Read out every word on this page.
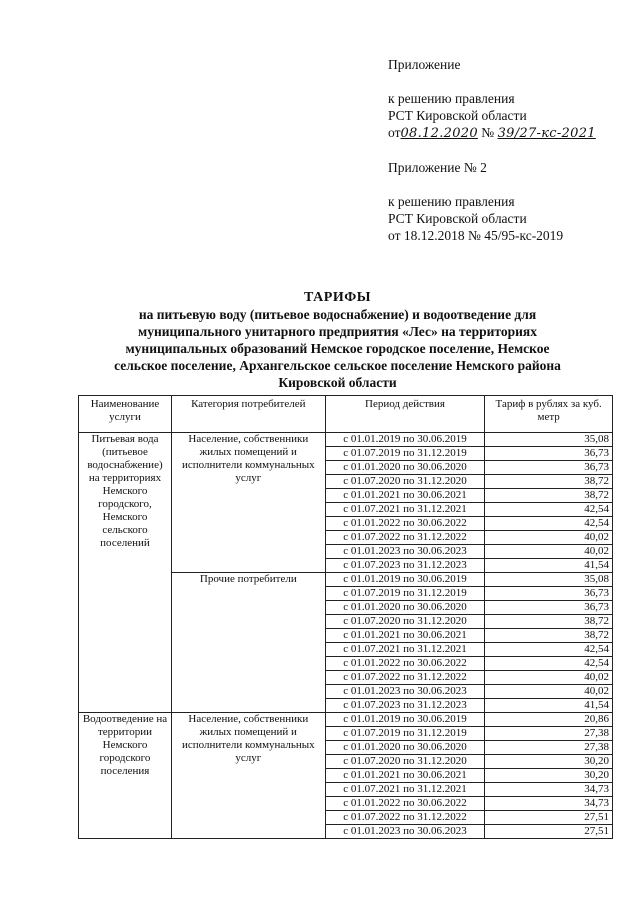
Приложение
к решению правления
РСТ Кировской области
от08.12.2020 № 39/27-кс-2021
Приложение № 2
к решению правления
РСТ Кировской области
от 18.12.2018 № 45/95-кс-2019
ТАРИФЫ
на питьевую воду (питьевое водоснабжение) и водоотведение для
муниципального унитарного предприятия «Лес» на территориях
муниципальных образований Немское городское поселение, Немское
сельское поселение, Архангельское сельское поселение Немского района
Кировской области
Наименование услуги	Категория потребителей	Период действия	Тариф в рублях за куб. метр
Питьевая вода (питьевое водоснабжение) на территориях Немского городского, Немского сельского поселений	Население, собственники жилых помещений и исполнители коммунальных услуг	с 01.01.2019 по 30.06.2019	35,08
		с 01.07.2019 по 31.12.2019	36,73
		с 01.01.2020 по 30.06.2020	36,73
		с 01.07.2020 по 31.12.2020	38,72
		с 01.01.2021 по 30.06.2021	38,72
		с 01.07.2021 по 31.12.2021	42,54
		с 01.01.2022 по 30.06.2022	42,54
		с 01.07.2022 по 31.12.2022	40,02
		с 01.01.2023 по 30.06.2023	40,02
		с 01.07.2023 по 31.12.2023	41,54
	Прочие потребители	с 01.01.2019 по 30.06.2019	35,08
		с 01.07.2019 по 31.12.2019	36,73
		с 01.01.2020 по 30.06.2020	36,73
		с 01.07.2020 по 31.12.2020	38,72
		с 01.01.2021 по 30.06.2021	38,72
		с 01.07.2021 по 31.12.2021	42,54
		с 01.01.2022 по 30.06.2022	42,54
		с 01.07.2022 по 31.12.2022	40,02
		с 01.01.2023 по 30.06.2023	40,02
		с 01.07.2023 по 31.12.2023	41,54
Водоотведение на территории Немского городского поселения	Население, собственники жилых помещений и исполнители коммунальных услуг	с 01.01.2019 по 30.06.2019	20,86
		с 01.07.2019 по 31.12.2019	27,38
		с 01.01.2020 по 30.06.2020	27,38
		с 01.07.2020 по 31.12.2020	30,20
		с 01.01.2021 по 30.06.2021	30,20
		с 01.07.2021 по 31.12.2021	34,73
		с 01.01.2022 по 30.06.2022	34,73
		с 01.07.2022 по 31.12.2022	27,51
		с 01.01.2023 по 30.06.2023	27,51
